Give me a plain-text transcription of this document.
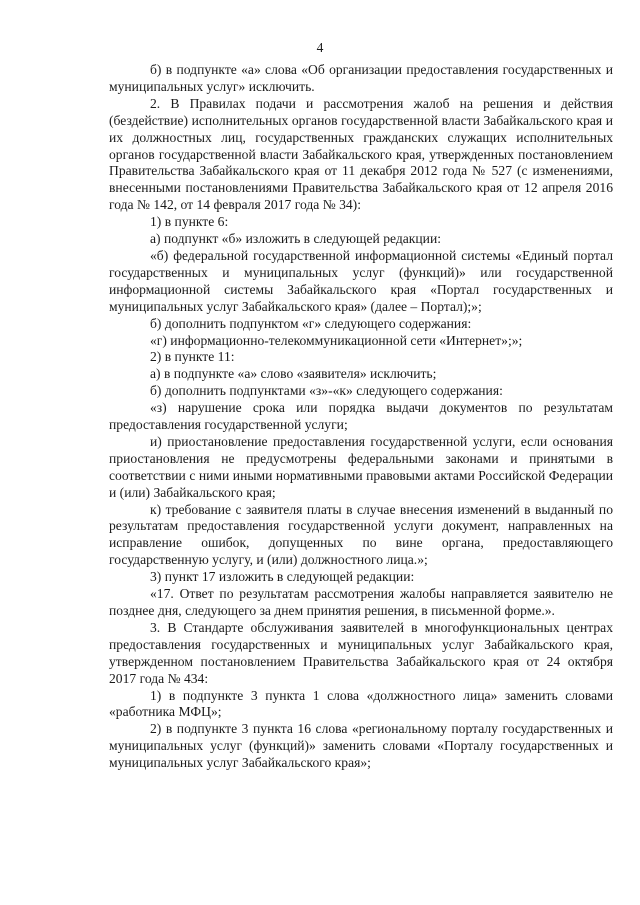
4

б) в подпункте «а» слова «Об организации предоставления государственных и муниципальных услуг» исключить.

2. В Правилах подачи и рассмотрения жалоб на решения и действия (бездействие) исполнительных органов государственной власти Забайкальского края и их должностных лиц, государственных гражданских служащих исполнительных органов государственной власти Забайкальского края, утвержденных постановлением Правительства Забайкальского края от 11 декабря 2012 года № 527 (с изменениями, внесенными постановлениями Правительства Забайкальского края от 12 апреля 2016 года № 142, от 14 февраля 2017 года № 34):

1) в пункте 6:

а) подпункт «б» изложить в следующей редакции:

«б) федеральной государственной информационной системы «Единый портал государственных и муниципальных услуг (функций)» или государственной информационной системы Забайкальского края «Портал государственных и муниципальных услуг Забайкальского края» (далее – Портал);»;

б) дополнить подпунктом «г» следующего содержания:

«г) информационно-телекоммуникационной сети «Интернет»;»;

2) в пункте 11:

а) в подпункте «а» слово «заявителя» исключить;

б) дополнить подпунктами «з»-«к» следующего содержания:

«з) нарушение срока или порядка выдачи документов по результатам предоставления государственной услуги;

и) приостановление предоставления государственной услуги, если основания приостановления не предусмотрены федеральными законами и принятыми в соответствии с ними иными нормативными правовыми актами Российской Федерации и (или) Забайкальского края;

к) требование с заявителя платы в случае внесения изменений в выданный по результатам предоставления государственной услуги документ, направленных на исправление ошибок, допущенных по вине органа, предоставляющего государственную услугу, и (или) должностного лица.»;

3) пункт 17 изложить в следующей редакции:

«17. Ответ по результатам рассмотрения жалобы направляется заявителю не позднее дня, следующего за днем принятия решения, в письменной форме.».

3. В Стандарте обслуживания заявителей в многофункциональных центрах предоставления государственных и муниципальных услуг Забайкальского края, утвержденном постановлением Правительства Забайкальского края от 24 октября 2017 года № 434:

1) в подпункте 3 пункта 1 слова «должностного лица» заменить словами «работника МФЦ»;

2) в подпункте 3 пункта 16 слова «региональному порталу государственных и муниципальных услуг (функций)» заменить словами «Порталу государственных и муниципальных услуг Забайкальского края»;
